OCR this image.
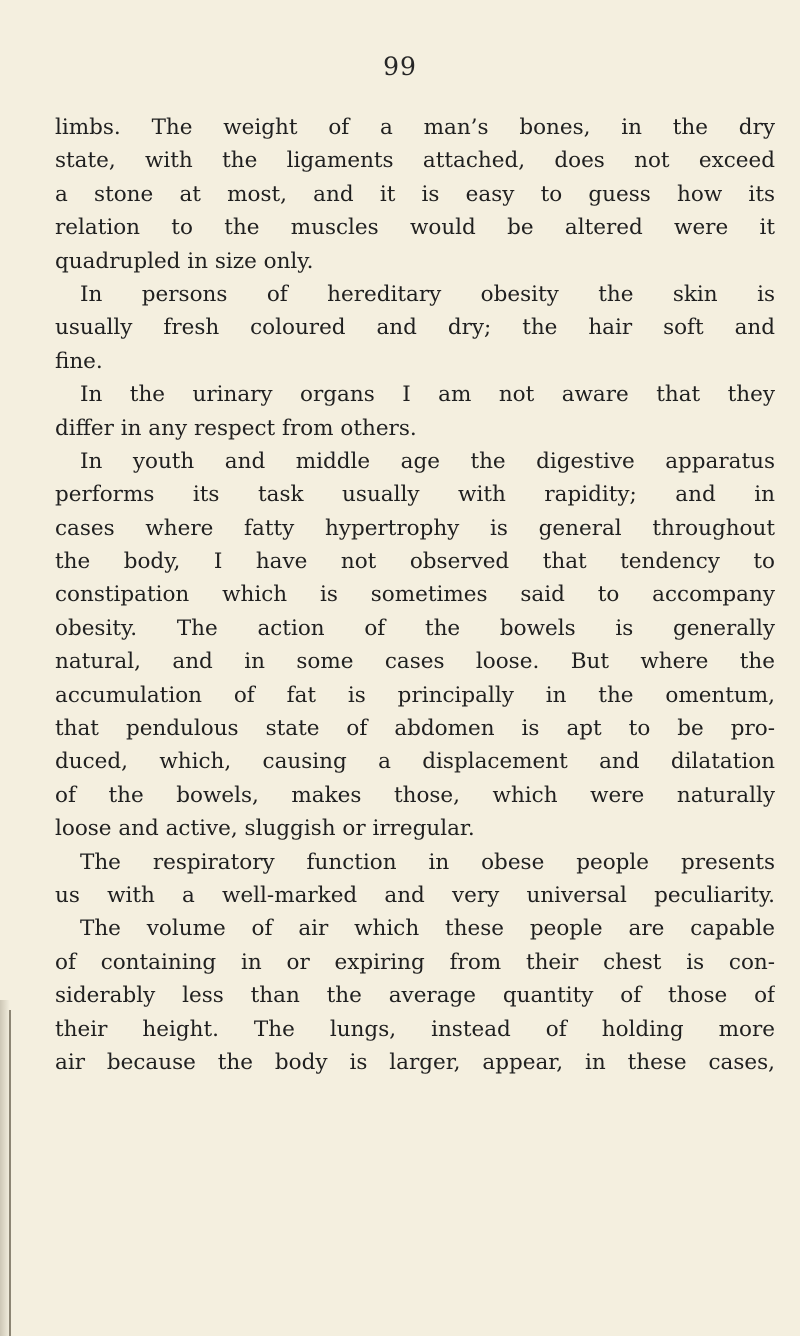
99
limbs. The weight of a man’s bones, in the dry
state, with the ligaments attached, does not exceed
a stone at most, and it is easy to guess how its
relation to the muscles would be altered were it
quadrupled in size only.
In persons of hereditary obesity the skin is
usually fresh coloured and dry; the hair soft and
fine.
In the urinary organs I am not aware that they
differ in any respect from others.
In youth and middle age the digestive apparatus
performs its task usually with rapidity; and in
cases where fatty hypertrophy is general throughout
the body, I have not observed that tendency to
constipation which is sometimes said to accompany
obesity. The action of the bowels is generally
natural, and in some cases loose. But where the
accumulation of fat is principally in the omentum,
that pendulous state of abdomen is apt to be pro-
duced, which, causing a displacement and dilatation
of the bowels, makes those, which were naturally
loose and active, sluggish or irregular.
The respiratory function in obese people presents
us with a well-marked and very universal peculiarity.
The volume of air which these people are capable
of containing in or expiring from their chest is con-
siderably less than the average quantity of those of
their height. The lungs, instead of holding more
air because the body is larger, appear, in these cases,
